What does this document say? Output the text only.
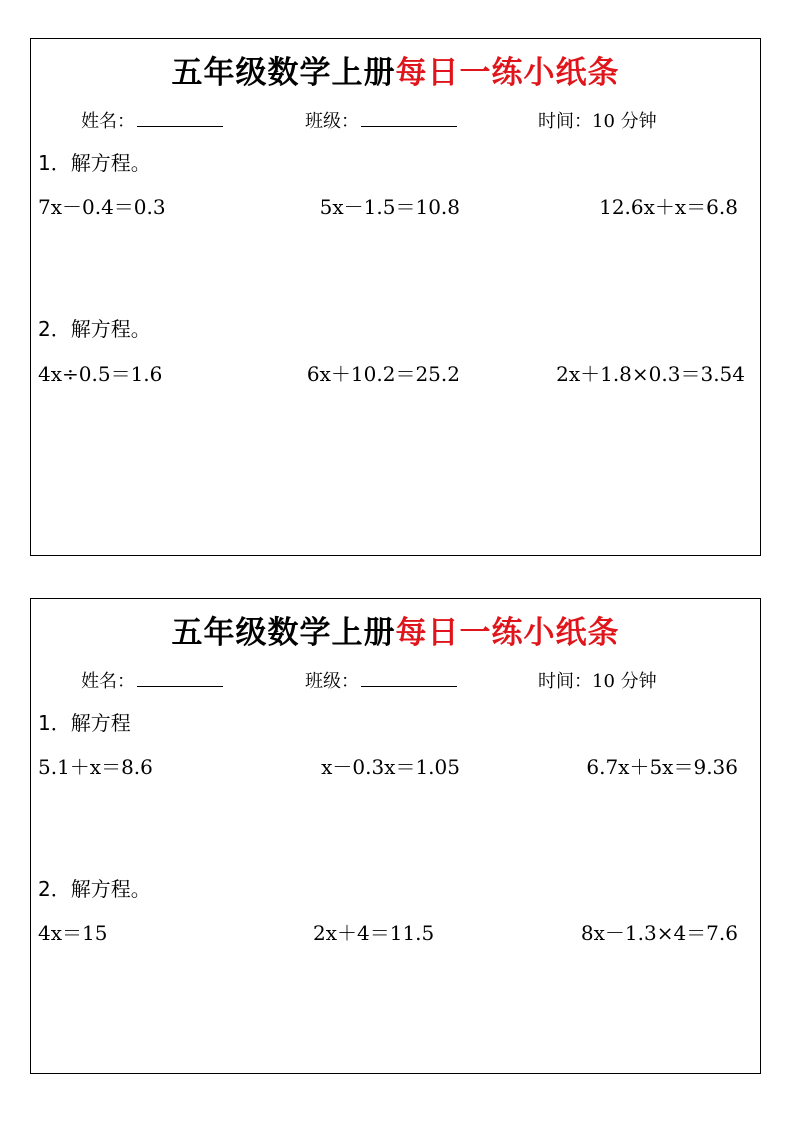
五年级数学上册每日一练小纸条
姓名：	班级：	时间：10 分钟
1．解方程。
7x－0.4＝0.3	5x－1.5＝10.8	12.6x＋x＝6.8
2．解方程。
4x÷0.5＝1.6	6x＋10.2＝25.2	2x＋1.8×0.3＝3.54
五年级数学上册每日一练小纸条
姓名：	班级：	时间：10 分钟
1．解方程
5.1＋x＝8.6	x－0.3x＝1.05	6.7x＋5x＝9.36
2．解方程。
4x＝15	2x＋4＝11.5	8x－1.3×4＝7.6
